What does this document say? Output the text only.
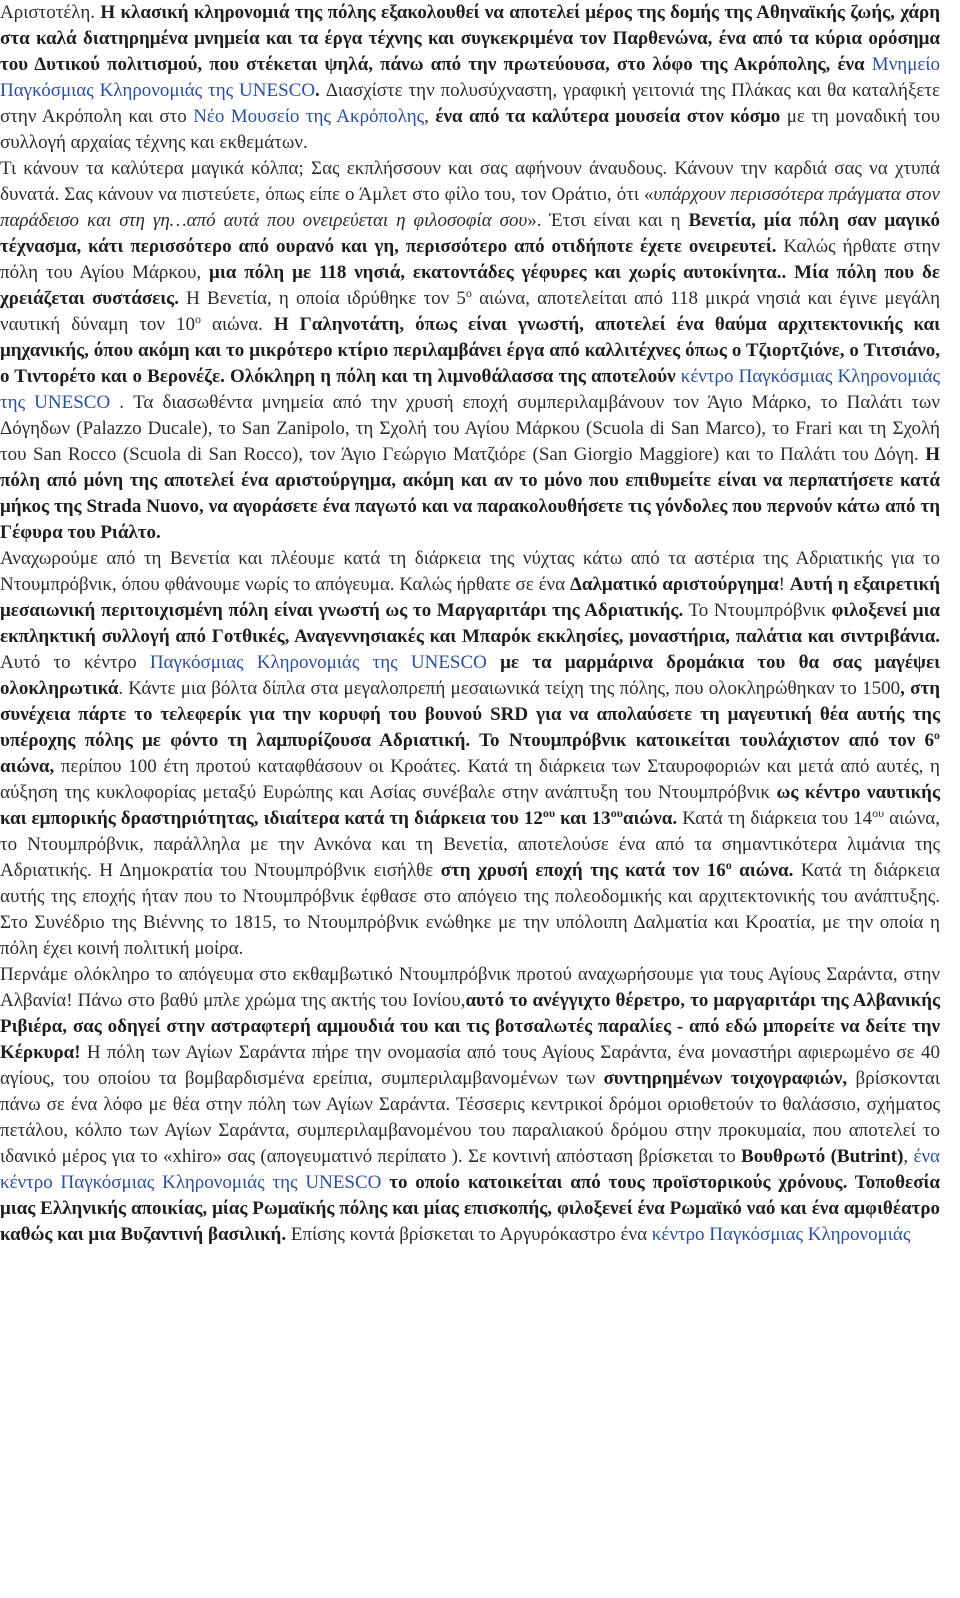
Αριστοτέλη. Η κλασική κληρονομιά της πόλης εξακολουθεί να αποτελεί μέρος της δομής της Αθηναϊκής ζωής, χάρη στα καλά διατηρημένα μνημεία και τα έργα τέχνης και συγκεκριμένα τον Παρθενώνα, ένα από τα κύρια ορόσημα του Δυτικού πολιτισμού, που στέκεται ψηλά, πάνω από την πρωτεύουσα, στο λόφο της Ακρόπολης, ένα Μνημείο Παγκόσμιας Κληρονομιάς της UNESCO. Διασχίστε την πολυσύχναστη, γραφική γειτονιά της Πλάκας και θα καταλήξετε στην Ακρόπολη και στο Νέο Μουσείο της Ακρόπολης, ένα από τα καλύτερα μουσεία στον κόσμο με τη μοναδική του συλλογή αρχαίας τέχνης και εκθεμάτων.

Τι κάνουν τα καλύτερα μαγικά κόλπα; Σας εκπλήσσουν και σας αφήνουν άναυδους. Κάνουν την καρδιά σας να χτυπά δυνατά. Σας κάνουν να πιστεύετε, όπως είπε ο Άμλετ στο φίλο του, τον Οράτιο, ότι «υπάρχουν περισσότερα πράγματα στον παράδεισο και στη γη…από αυτά που ονειρεύεται η φιλοσοφία σου». Έτσι είναι και η Βενετία, μία πόλη σαν μαγικό τέχνασμα, κάτι περισσότερο από ουρανό και γη, περισσότερο από οτιδήποτε έχετε ονειρευτεί. Καλώς ήρθατε στην πόλη του Αγίου Μάρκου, μια πόλη με 118 νησιά, εκατοντάδες γέφυρες και χωρίς αυτοκίνητα.. Μία πόλη που δε χρειάζεται συστάσεις. Η Βενετία, η οποία ιδρύθηκε τον $5^o$ αιώνα, αποτελείται από 118 μικρά νησιά και έγινε μεγάλη ναυτική δύναμη τον $10^o$ αιώνα. Η Γαληνοτάτη, όπως είναι γνωστή, αποτελεί ένα θαύμα αρχιτεκτονικής και μηχανικής, όπου ακόμη και το μικρότερο κτίριο περιλαμβάνει έργα από καλλιτέχνες όπως ο Τζιορτζιόνε, ο Τιτσιάνο, ο Τιντορέτο και ο Βερονέζε. Ολόκληρη η πόλη και τη λιμνοθάλασσα της αποτελούν κέντρο Παγκόσμιας Κληρονομιάς της UNESCO . Τα διασωθέντα μνημεία από την χρυσή εποχή συμπεριλαμβάνουν τον Άγιο Μάρκο, το Παλάτι των Δόγηδων (Palazzo Ducale), το San Zanipolo, τη Σχολή του Αγίου Μάρκου (Scuola di San Marco), το Frari και τη Σχολή του San Rocco (Scuola di San Rocco), τον Άγιο Γεώργιο Ματζιόρε (San Giorgio Maggiore) και το Παλάτι του Δόγη. Η πόλη από μόνη της αποτελεί ένα αριστούργημα, ακόμη και αν το μόνο που επιθυμείτε είναι να περπατήσετε κατά μήκος της Strada Nuovo, να αγοράσετε ένα παγωτό και να παρακολουθήσετε τις γόνδολες που περνούν κάτω από τη Γέφυρα του Ριάλτο.

Αναχωρούμε από τη Βενετία και πλέουμε κατά τη διάρκεια της νύχτας κάτω από τα αστέρια της Αδριατικής για το Ντουμπρόβνικ, όπου φθάνουμε νωρίς το απόγευμα. Καλώς ήρθατε σε ένα Δαλματικό αριστούργημα! Αυτή η εξαιρετική μεσαιωνική περιτοιχισμένη πόλη είναι γνωστή ως το Μαργαριτάρι της Αδριατικής. Το Ντουμπρόβνικ φιλοξενεί μια εκπληκτική συλλογή από Γοτθικές, Αναγεννησιακές και Μπαρόκ εκκλησίες, μοναστήρια, παλάτια και σιντριβάνια. Αυτό το κέντρο Παγκόσμιας Κληρονομιάς της UNESCO με τα μαρμάρινα δρομάκια του θα σας μαγέψει ολοκληρωτικά. Κάντε μια βόλτα δίπλα στα μεγαλοπρεπή μεσαιωνικά τείχη της πόλης, που ολοκληρώθηκαν το 1500, στη συνέχεια πάρτε το τελεφερίκ για την κορυφή του βουνού SRD για να απολαύσετε τη μαγευτική θέα αυτής της υπέροχης πόλης με φόντο τη λαμπυρίζουσα Αδριατική. Το Ντουμπρόβνικ κατοικείται τουλάχιστον από τον $6^o$ αιώνα, περίπου 100 έτη προτού καταφθάσουν οι Κροάτες. Κατά τη διάρκεια των Σταυροφοριών και μετά από αυτές, η αύξηση της κυκλοφορίας μεταξύ Ευρώπης και Ασίας συνέβαλε στην ανάπτυξη του Ντουμπρόβνικ ως κέντρο ναυτικής και εμπορικής δραστηριότητας, ιδιαίτερα κατά τη διάρκεια του $12^{o\upsilon}$ και $13^{o\upsilon}\alpha\iota ώ\nu\alpha$. Κατά τη διάρκεια του $14^{o\upsilon}$ αιώνα, το Ντουμπρόβνικ, παράλληλα με την Ανκόνα και τη Βενετία, αποτελούσε ένα από τα σημαντικότερα λιμάνια της Αδριατικής. Η Δημοκρατία του Ντουμπρόβνικ εισήλθε στη χρυσή εποχή της κατά τον $16^o$ αιώνα. Κατά τη διάρκεια αυτής της εποχής ήταν που το Ντουμπρόβνικ έφθασε στο απόγειο της πολεοδομικής και αρχιτεκτονικής του ανάπτυξης. Στο Συνέδριο της Βιέννης το 1815, το Ντουμπρόβνικ ενώθηκε με την υπόλοιπη Δαλματία και Κροατία, με την οποία η πόλη έχει κοινή πολιτική μοίρα.

Περνάμε ολόκληρο το απόγευμα στο εκθαμβωτικό Ντουμπρόβνικ προτού αναχωρήσουμε για τους Αγίους Σαράντα, στην Αλβανία! Πάνω στο βαθύ μπλε χρώμα της ακτής του Ιονίου,αυτό το ανέγγιχτο θέρετρο, το μαργαριτάρι της Αλβανικής Ριβιέρα, σας οδηγεί στην αστραφτερή αμμουδιά του και τις βοτσαλωτές παραλίες - από εδώ μπορείτε να δείτε την Κέρκυρα! Η πόλη των Αγίων Σαράντα πήρε την ονομασία από τους Αγίους Σαράντα, ένα μοναστήρι αφιερωμένο σε 40 αγίους, του οποίου τα βομβαρδισμένα ερείπια, συμπεριλαμβανομένων των συντηρημένων τοιχογραφιών, βρίσκονται πάνω σε ένα λόφο με θέα στην πόλη των Αγίων Σαράντα. Τέσσερις κεντρικοί δρόμοι οριοθετούν το θαλάσσιο, σχήματος πετάλου, κόλπο των Αγίων Σαράντα, συμπεριλαμβανομένου του παραλιακού δρόμου στην προκυμαία, που αποτελεί το ιδανικό μέρος για το «xhiro» σας (απογευματινό περίπατο ). Σε κοντινή απόσταση βρίσκεται το Βουθρωτό (Butrint), ένα κέντρο Παγκόσμιας Κληρονομιάς της UNESCO το οποίο κατοικείται από τους προϊστορικούς χρόνους. Τοποθεσία μιας Ελληνικής αποικίας, μίας Ρωμαϊκής πόλης και μίας επισκοπής, φιλοξενεί ένα Ρωμαϊκό ναό και ένα αμφιθέατρο καθώς και μια Βυζαντινή βασιλική. Επίσης κοντά βρίσκεται το Αργυρόκαστρο ένα κέντρο Παγκόσμιας Κληρονομιάς
